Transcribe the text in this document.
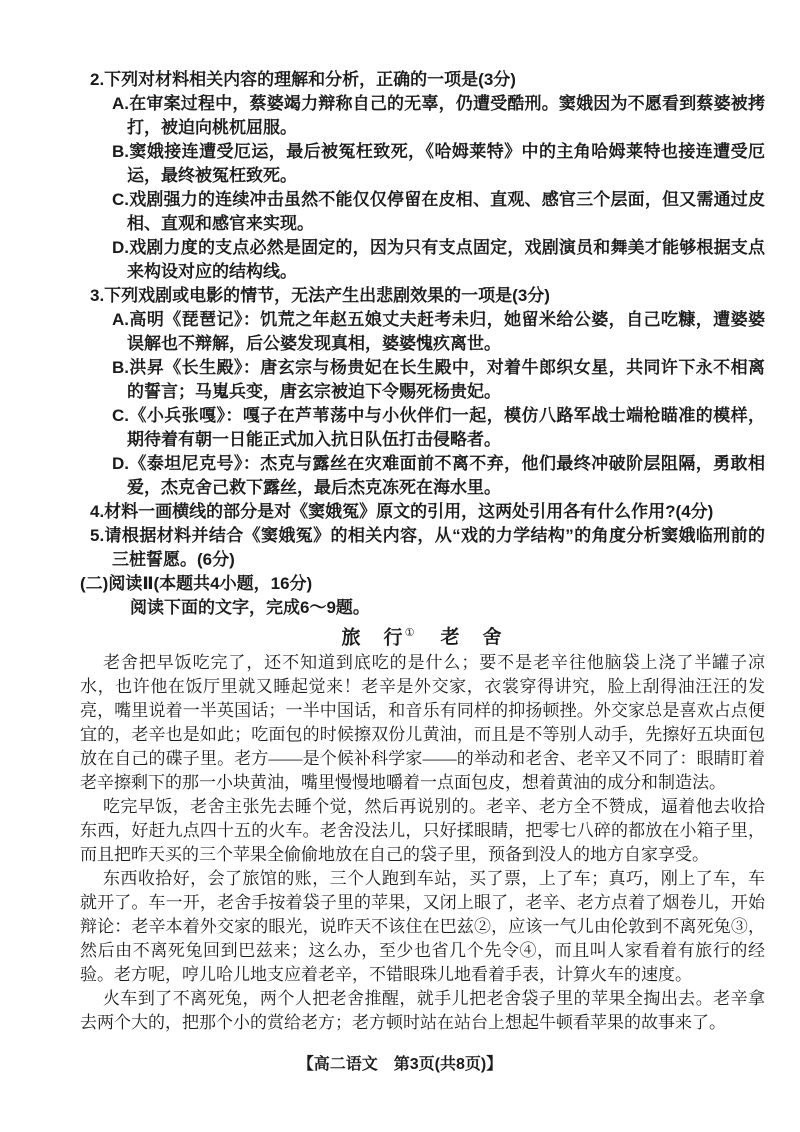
2.下列对材料相关内容的理解和分析，正确的一项是(3分)

A.在审案过程中，蔡婆竭力辩称自己的无辜，仍遭受酷刑。窦娥因为不愿看到蔡婆被拷打，被迫向桃杌屈服。

B.窦娥接连遭受厄运，最后被冤枉致死，《哈姆莱特》中的主角哈姆莱特也接连遭受厄运，最终被冤枉致死。

C.戏剧强力的连续冲击虽然不能仅仅停留在皮相、直观、感官三个层面，但又需通过皮相、直观和感官来实现。

D.戏剧力度的支点必然是固定的，因为只有支点固定，戏剧演员和舞美才能够根据支点来构设对应的结构线。

3.下列戏剧或电影的情节，无法产生出悲剧效果的一项是(3分)

A.高明《琵琶记》：饥荒之年赵五娘丈夫赶考未归，她留米给公婆，自己吃糠，遭婆婆误解也不辩解，后公婆发现真相，婆婆愧疚离世。

B.洪昇《长生殿》：唐玄宗与杨贵妃在长生殿中，对着牛郎织女星，共同许下永不相离的誓言；马嵬兵变，唐玄宗被迫下令赐死杨贵妃。

C.《小兵张嘎》：嘎子在芦苇荡中与小伙伴们一起，模仿八路军战士端枪瞄准的模样，期待着有朝一日能正式加入抗日队伍打击侵略者。

D.《泰坦尼克号》：杰克与露丝在灾难面前不离不弃，他们最终冲破阶层阻隔，勇敢相爱，杰克舍己救下露丝，最后杰克冻死在海水里。

4.材料一画横线的部分是对《窦娥冤》原文的引用，这两处引用各有什么作用?(4分)

5.请根据材料并结合《窦娥冤》的相关内容，从“戏的力学结构”的角度分析窦娥临刑前的三桩誓愿。(6分)

(二)阅读Ⅱ(本题共4小题，16分)

阅读下面的文字，完成6～9题。

旅　行① 老　舍

老舍把早饭吃完了，还不知道到底吃的是什么；要不是老辛往他脑袋上浇了半罐子凉水，也许他在饭厅里就又睡起觉来！老辛是外交家，衣裳穿得讲究，脸上刮得油汪汪的发亮，嘴里说着一半英国话；一半中国话，和音乐有同样的抑扬顿挫。外交家总是喜欢占点便宜的，老辛也是如此；吃面包的时候擦双份儿黄油，而且是不等别人动手，先擦好五块面包放在自己的碟子里。老方——是个候补科学家——的举动和老舍、老辛又不同了：眼睛盯着老辛擦剩下的那一小块黄油，嘴里慢慢地嚼着一点面包皮，想着黄油的成分和制造法。

吃完早饭，老舍主张先去睡个觉，然后再说别的。老辛、老方全不赞成，逼着他去收拾东西，好赶九点四十五的火车。老舍没法儿，只好揉眼睛，把零七八碎的都放在小箱子里，而且把昨天买的三个苹果全偷偷地放在自己的袋子里，预备到没人的地方自家享受。

东西收拾好，会了旅馆的账，三个人跑到车站，买了票，上了车；真巧，刚上了车，车就开了。车一开，老舍手按着袋子里的苹果，又闭上眼了，老辛、老方点着了烟卷儿，开始辩论：老辛本着外交家的眼光，说昨天不该住在巴兹②，应该一气儿由伦敦到不离死兔③，然后由不离死兔回到巴兹来；这么办，至少也省几个先令④，而且叫人家看着有旅行的经验。老方呢，哼儿哈儿地支应着老辛，不错眼珠儿地看着手表，计算火车的速度。

火车到了不离死兔，两个人把老舍推醒，就手儿把老舍袋子里的苹果全掏出去。老辛拿去两个大的，把那个小的赏给老方；老方顿时站在站台上想起牛顿看苹果的故事来了。

【高二语文　第3页(共8页)】
